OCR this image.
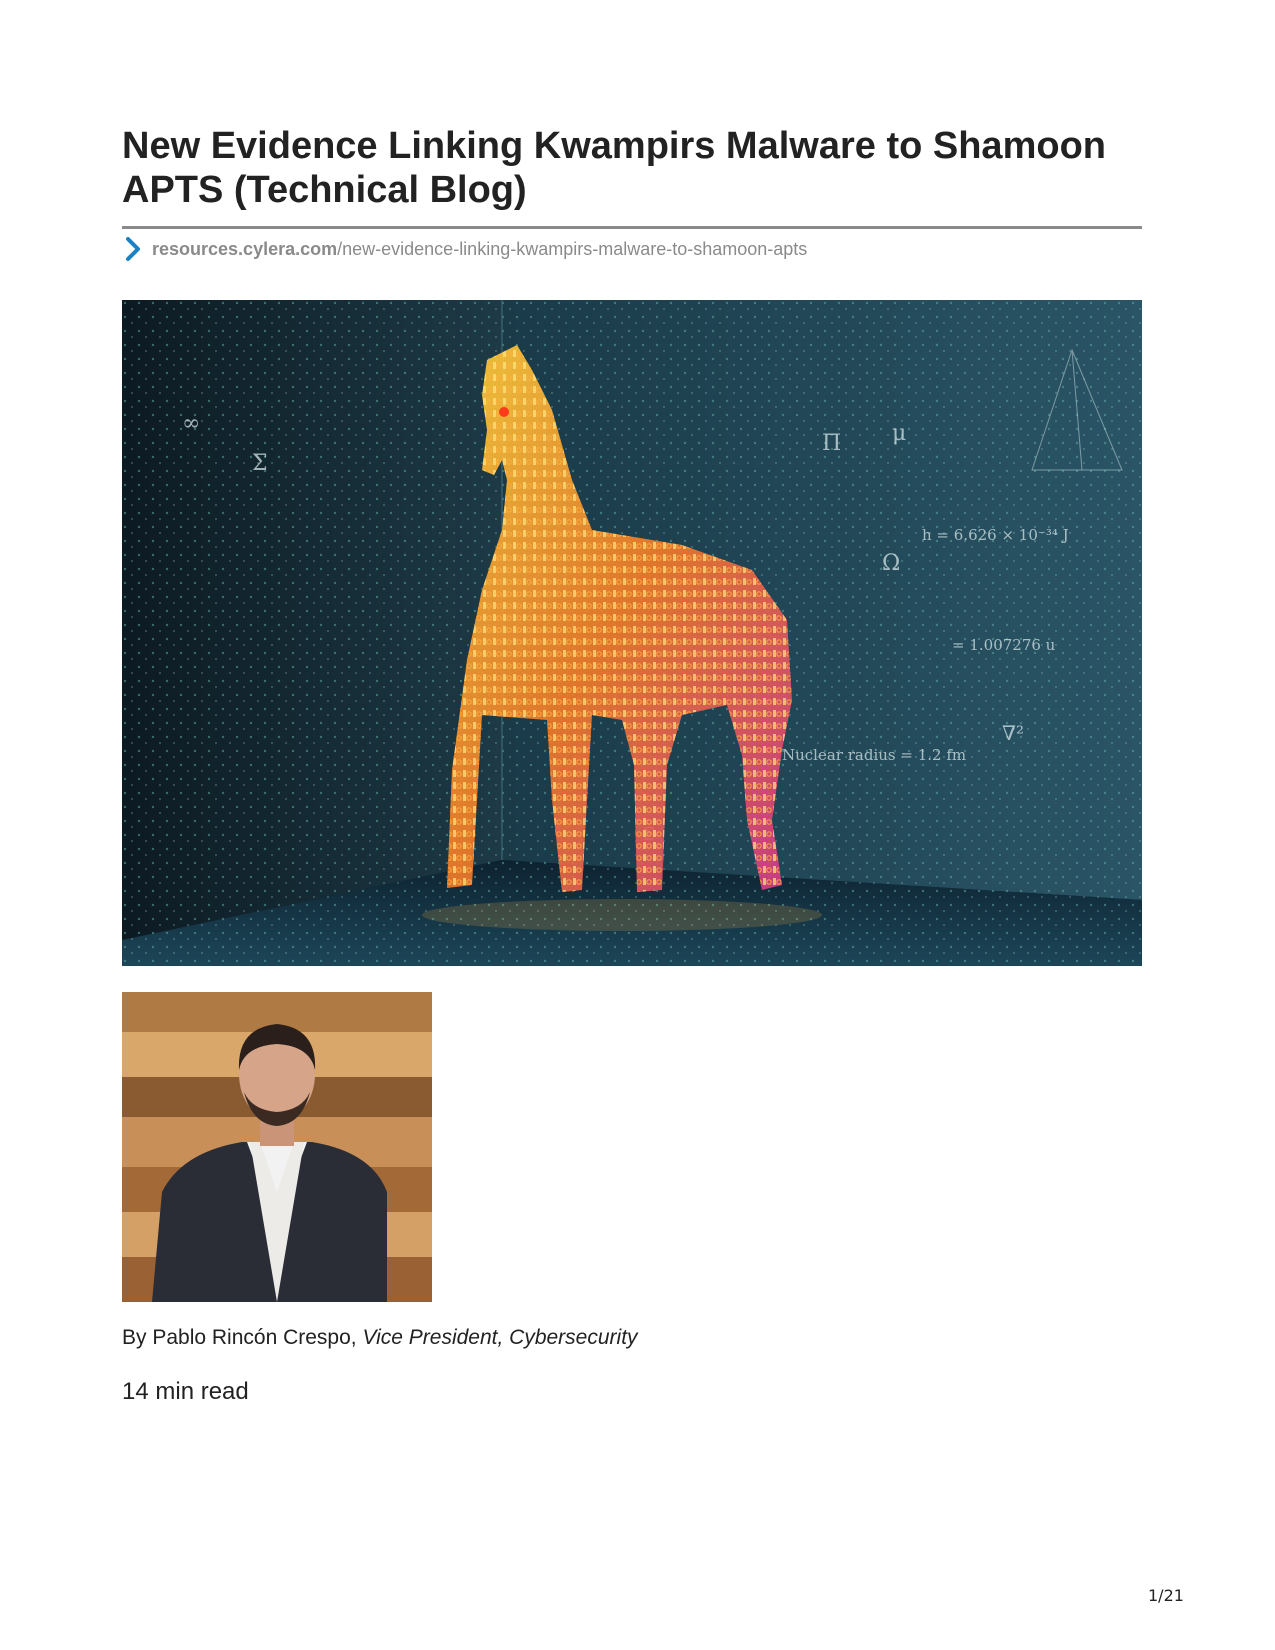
New Evidence Linking Kwampirs Malware to Shamoon APTS (Technical Blog)
resources.cylera.com /new-evidence-linking-kwampirs-malware-to-shamoon-apts
Π μ
Ω
= 1.007276 u
h = 6.626 × 10⁻³⁴ J
Nuclear radius = 1.2 fm
∇²
∞
Σ
By Pablo Rincón Crespo, Vice President, Cybersecurity
14 min read
1/21
